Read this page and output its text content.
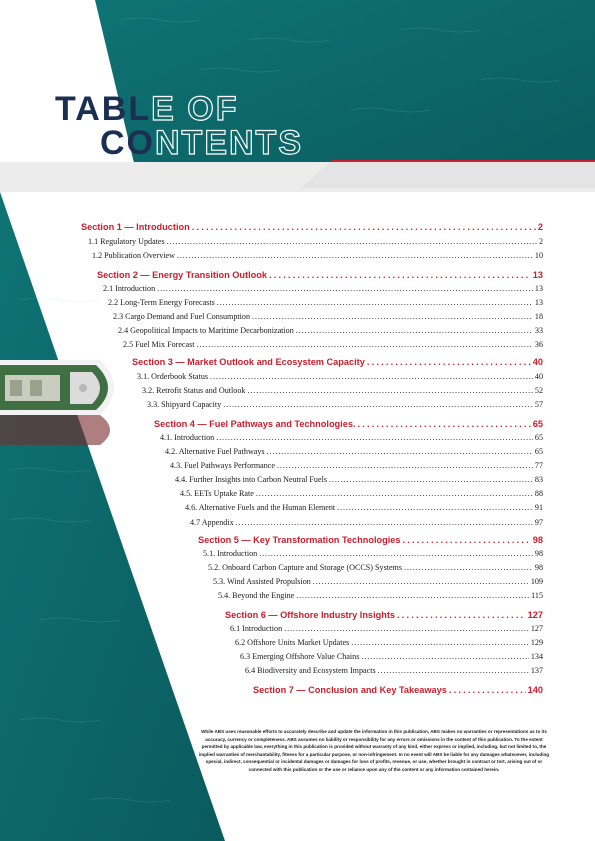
TABLE OF
CONTENTS
Section 1 — Introduction .....	2
1.1 Regulatory Updates .....	2
1.2 Publication Overview .....	10
Section 2 — Energy Transition Outlook .....	13
2.1 Introduction .....	13
2.2 Long-Term Energy Forecasts .....	13
2.3 Cargo Demand and Fuel Consumption .....	18
2.4 Geopolitical Impacts to Maritime Decarbonization .....	33
2.5 Fuel Mix Forecast .....	36
Section 3 — Market Outlook and Ecosystem Capacity .....	40
3.1. Orderbook Status .....	40
3.2. Retrofit Status and Outlook .....	52
3.3. Shipyard Capacity .....	57
Section 4 — Fuel Pathways and Technologies. .....	65
4.1. Introduction .....	65
4.2. Alternative Fuel Pathways .....	65
4.3. Fuel Pathways Performance .....	77
4.4. Further Insights into Carbon Neutral Fuels .....	83
4.5. EETs Uptake Rate .....	88
4.6. Alternative Fuels and the Human Element .....	91
4.7 Appendix .....	97
Section 5 — Key Transformation Technologies .....	98
5.1. Introduction .....	98
5.2. Onboard Carbon Capture and Storage (OCCS) Systems .....	98
5.3. Wind Assisted Propulsion .....	109
5.4. Beyond the Engine .....	115
Section 6 — Offshore Industry Insights .....	127
6.1 Introduction .....	127
6.2 Offshore Units Market Updates .....	129
6.3 Emerging Offshore Value Chains .....	134
6.4 Biodiversity and Ecosystem Impacts .....	137
Section 7 — Conclusion and Key Takeaways .....	140

While ABS uses reasonable efforts to accurately describe and update the information in this publication, ABS makes no warranties or representations as to its accuracy, currency or completeness. ABS assumes no liability or responsibility for any errors or omissions in the content of this publication. To the extent permitted by applicable law, everything in this publication is provided without warranty of any kind, either express or implied, including, but not limited to, the implied warranties of merchantability, fitness for a particular purpose, or non-infringement. In no event will ABS be liable for any damages whatsoever, including special, indirect, consequential or incidental damages or damages for loss of profits, revenue, or use, whether brought in contract or tort, arising out of or connected with this publication or the use or reliance upon any of the content or any information contained herein.
